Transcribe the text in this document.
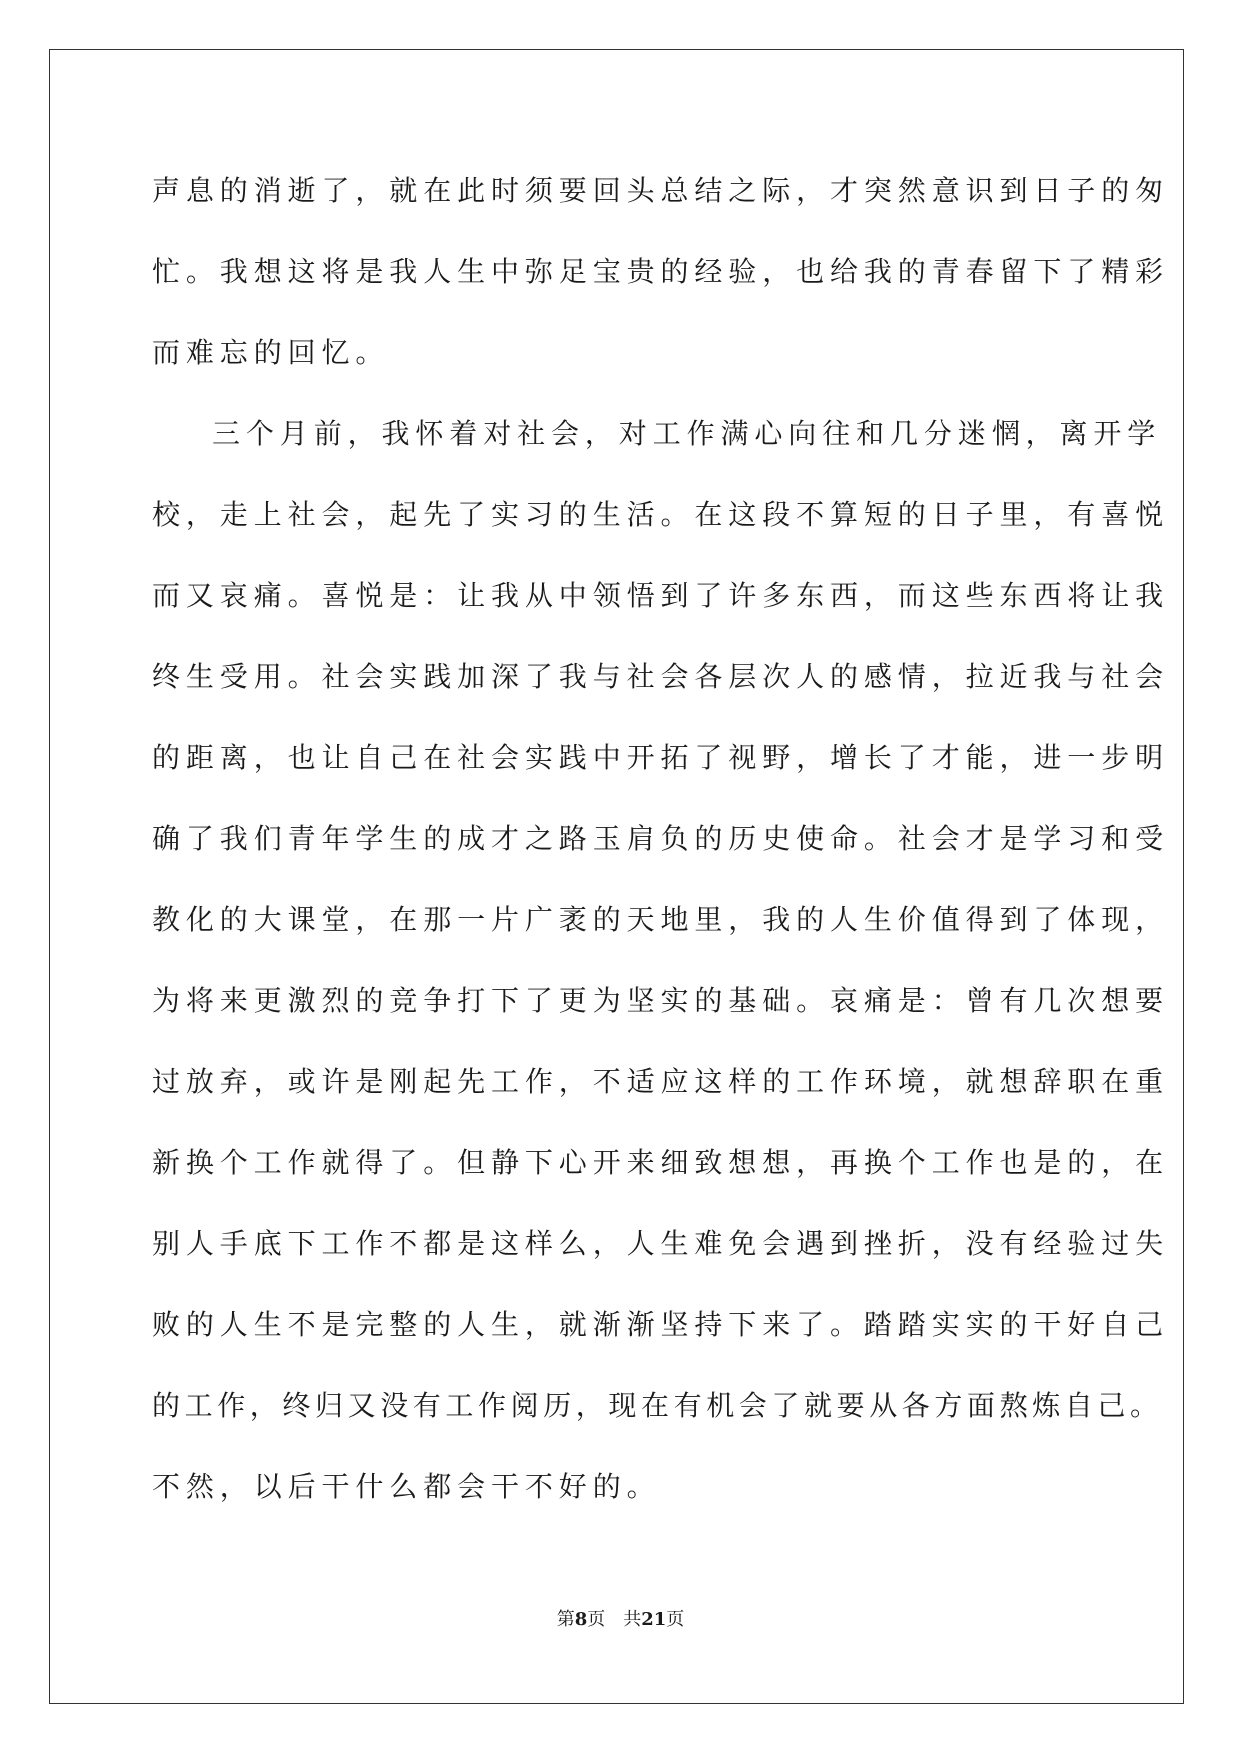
声息的消逝了，就在此时须要回头总结之际，才突然意识到日子的匆
忙。我想这将是我人生中弥足宝贵的经验，也给我的青春留下了精彩
而难忘的回忆。
三个月前，我怀着对社会，对工作满心向往和几分迷惘，离开学
校，走上社会，起先了实习的生活。在这段不算短的日子里，有喜悦
而又哀痛。喜悦是：让我从中领悟到了许多东西，而这些东西将让我
终生受用。社会实践加深了我与社会各层次人的感情，拉近我与社会
的距离，也让自己在社会实践中开拓了视野，增长了才能，进一步明
确了我们青年学生的成才之路玉肩负的历史使命。社会才是学习和受
教化的大课堂，在那一片广袤的天地里，我的人生价值得到了体现，
为将来更激烈的竞争打下了更为坚实的基础。哀痛是：曾有几次想要
过放弃，或许是刚起先工作，不适应这样的工作环境，就想辞职在重
新换个工作就得了。但静下心开来细致想想，再换个工作也是的，在
别人手底下工作不都是这样么，人生难免会遇到挫折，没有经验过失
败的人生不是完整的人生，就渐渐坚持下来了。踏踏实实的干好自己
的工作，终归又没有工作阅历，现在有机会了就要从各方面熬炼自己。
不然，以后干什么都会干不好的。
第8页　共21页
